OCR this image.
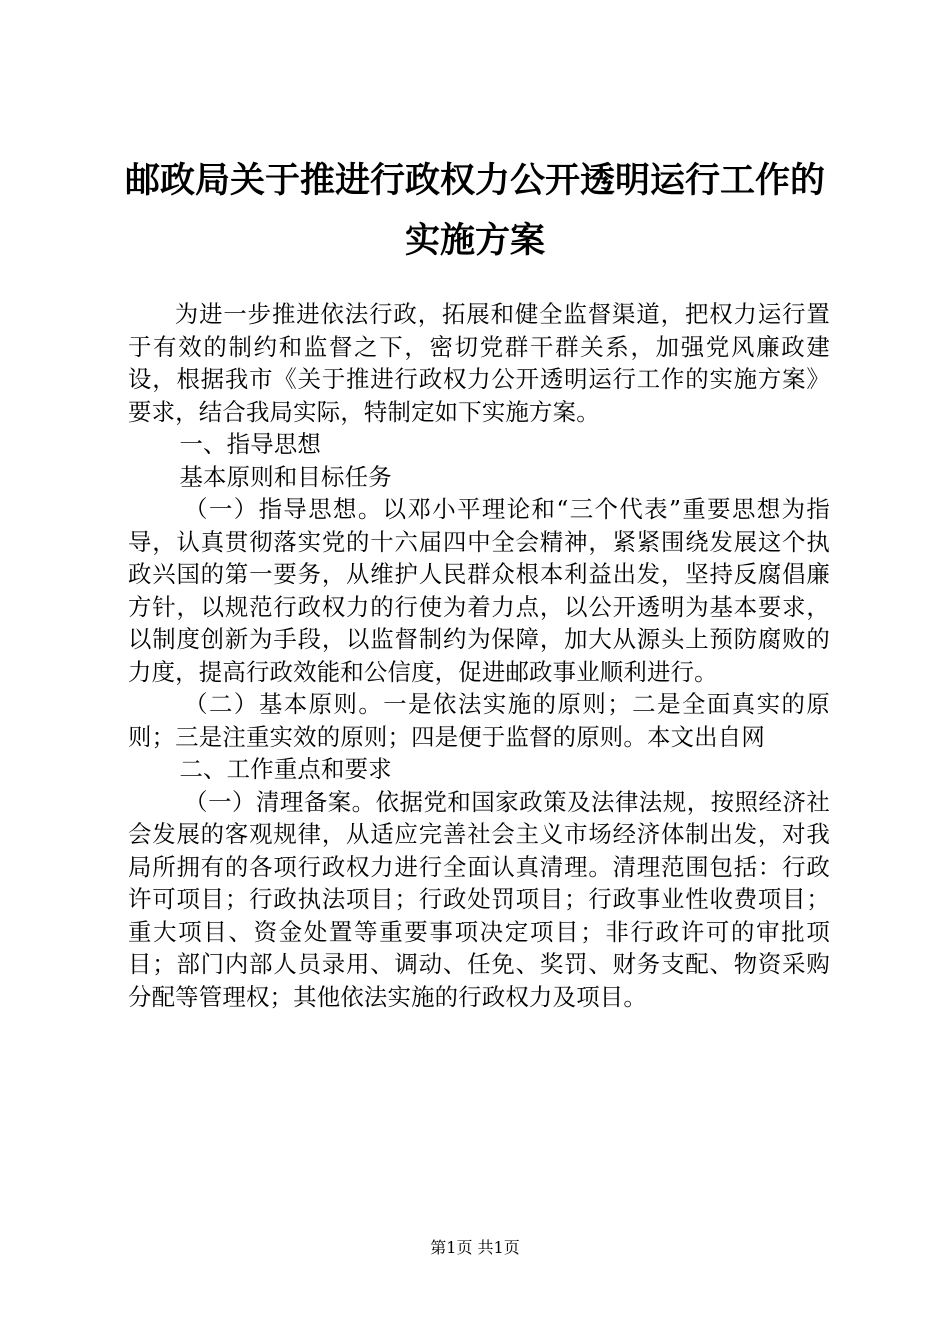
邮政局关于推进行政权力公开透明运行工作的
实施方案

为进一步推进依法行政，拓展和健全监督渠道，把权力运行置于有效的制约和监督之下，密切党群干群关系，加强党风廉政建设，根据我市《关于推进行政权力公开透明运行工作的实施方案》要求，结合我局实际，特制定如下实施方案。

一、指导思想

基本原则和目标任务

（一）指导思想。以邓小平理论和“三个代表”重要思想为指导，认真贯彻落实党的十六届四中全会精神，紧紧围绕发展这个执政兴国的第一要务，从维护人民群众根本利益出发，坚持反腐倡廉方针，以规范行政权力的行使为着力点，以公开透明为基本要求，以制度创新为手段，以监督制约为保障，加大从源头上预防腐败的力度，提高行政效能和公信度，促进邮政事业顺利进行。

（二）基本原则。一是依法实施的原则；二是全面真实的原则；三是注重实效的原则；四是便于监督的原则。本文出自网

二、工作重点和要求

（一）清理备案。依据党和国家政策及法律法规，按照经济社会发展的客观规律，从适应完善社会主义市场经济体制出发，对我局所拥有的各项行政权力进行全面认真清理。清理范围包括：行政许可项目；行政执法项目；行政处罚项目；行政事业性收费项目；重大项目、资金处置等重要事项决定项目；非行政许可的审批项目；部门内部人员录用、调动、任免、奖罚、财务支配、物资采购分配等管理权；其他依法实施的行政权力及项目。

第1页 共1页
